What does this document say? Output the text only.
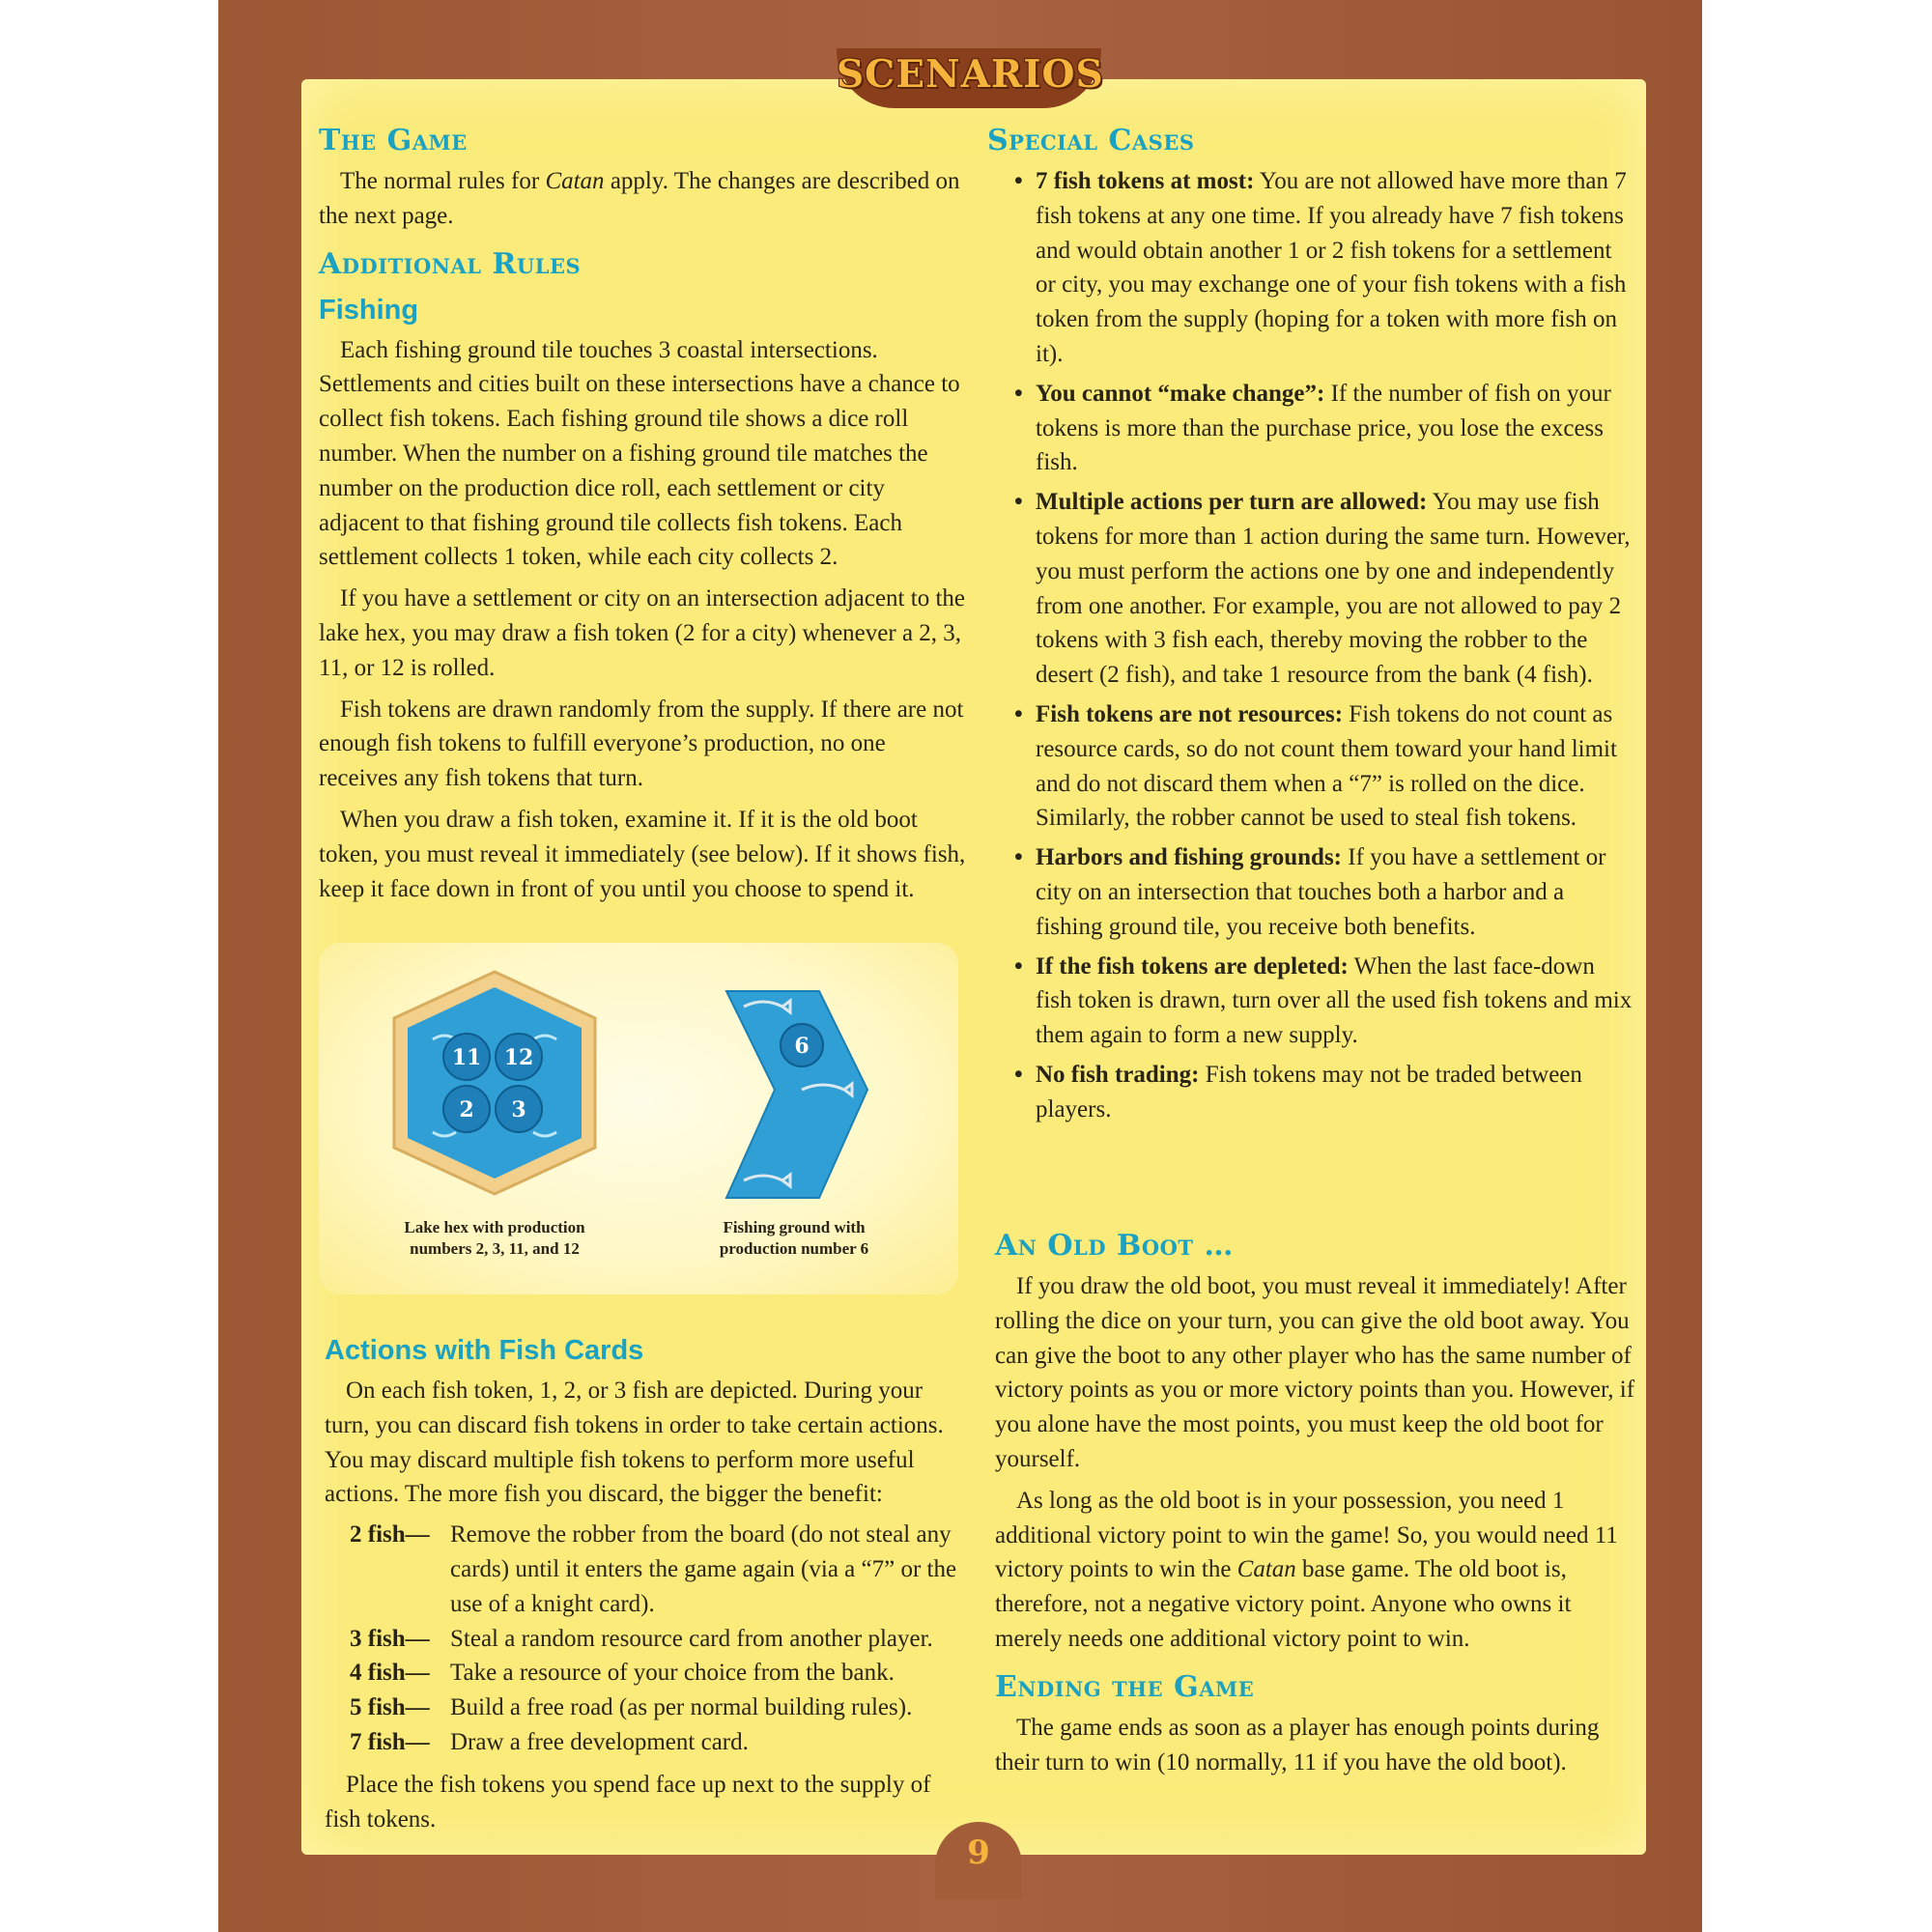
SCENARIOS
The Game

The normal rules for Catan apply. The changes are described on the next page.

Additional Rules
Fishing

Each fishing ground tile touches 3 coastal intersections. Settlements and cities built on these intersections have a chance to collect fish tokens. Each fishing ground tile shows a dice roll number. When the number on a fishing ground tile matches the number on the production dice roll, each settlement or city adjacent to that fishing ground tile collects fish tokens. Each settlement collects 1 token, while each city collects 2.

If you have a settlement or city on an intersection adjacent to the lake hex, you may draw a fish token (2 for a city) whenever a 2, 3, 11, or 12 is rolled.

Fish tokens are drawn randomly from the supply. If there are not enough fish tokens to fulfill everyone’s production, no one receives any fish tokens that turn.

When you draw a fish token, examine it. If it is the old boot token, you must reveal it immediately (see below). If it shows fish, keep it face down in front of you until you choose to spend it.

11 12
2 3
6
Lake hex with production
numbers 2, 3, 11, and 12
Fishing ground with
production number 6
Actions with Fish Cards

On each fish token, 1, 2, or 3 fish are depicted. During your turn, you can discard fish tokens in order to take certain actions. You may discard multiple fish tokens to perform more useful actions. The more fish you discard, the bigger the benefit:

2 fish— Remove the robber from the board (do not steal any cards) until it enters the game again (via a “7” or the use of a knight card).
3 fish— Steal a random resource card from another player.
4 fish— Take a resource of your choice from the bank.
5 fish— Build a free road (as per normal building rules).
7 fish— Draw a free development card.

Place the fish tokens you spend face up next to the supply of fish tokens.

Special Cases
• 7 fish tokens at most: You are not allowed have more than 7 fish tokens at any one time. If you already have 7 fish tokens and would obtain another 1 or 2 fish tokens for a settlement or city, you may exchange one of your fish tokens with a fish token from the supply (hoping for a token with more fish on it).
• You cannot “make change”: If the number of fish on your tokens is more than the purchase price, you lose the excess fish.
• Multiple actions per turn are allowed: You may use fish tokens for more than 1 action during the same turn. However, you must perform the actions one by one and independently from one another. For example, you are not allowed to pay 2 tokens with 3 fish each, thereby moving the robber to the desert (2 fish), and take 1 resource from the bank (4 fish).
• Fish tokens are not resources: Fish tokens do not count as resource cards, so do not count them toward your hand limit and do not discard them when a “7” is rolled on the dice. Similarly, the robber cannot be used to steal fish tokens.
• Harbors and fishing grounds: If you have a settlement or city on an intersection that touches both a harbor and a fishing ground tile, you receive both benefits.
• If the fish tokens are depleted: When the last face-down fish token is drawn, turn over all the used fish tokens and mix them again to form a new supply.
• No fish trading: Fish tokens may not be traded between players.
An Old Boot …

If you draw the old boot, you must reveal it immediately! After rolling the dice on your turn, you can give the old boot away. You can give the boot to any other player who has the same number of victory points as you or more victory points than you. However, if you alone have the most points, you must keep the old boot for yourself.

As long as the old boot is in your possession, you need 1 additional victory point to win the game! So, you would need 11 victory points to win the Catan base game. The old boot is, therefore, not a negative victory point. Anyone who owns it merely needs one additional victory point to win.

Ending the Game

The game ends as soon as a player has enough points during their turn to win (10 normally, 11 if you have the old boot).

9
